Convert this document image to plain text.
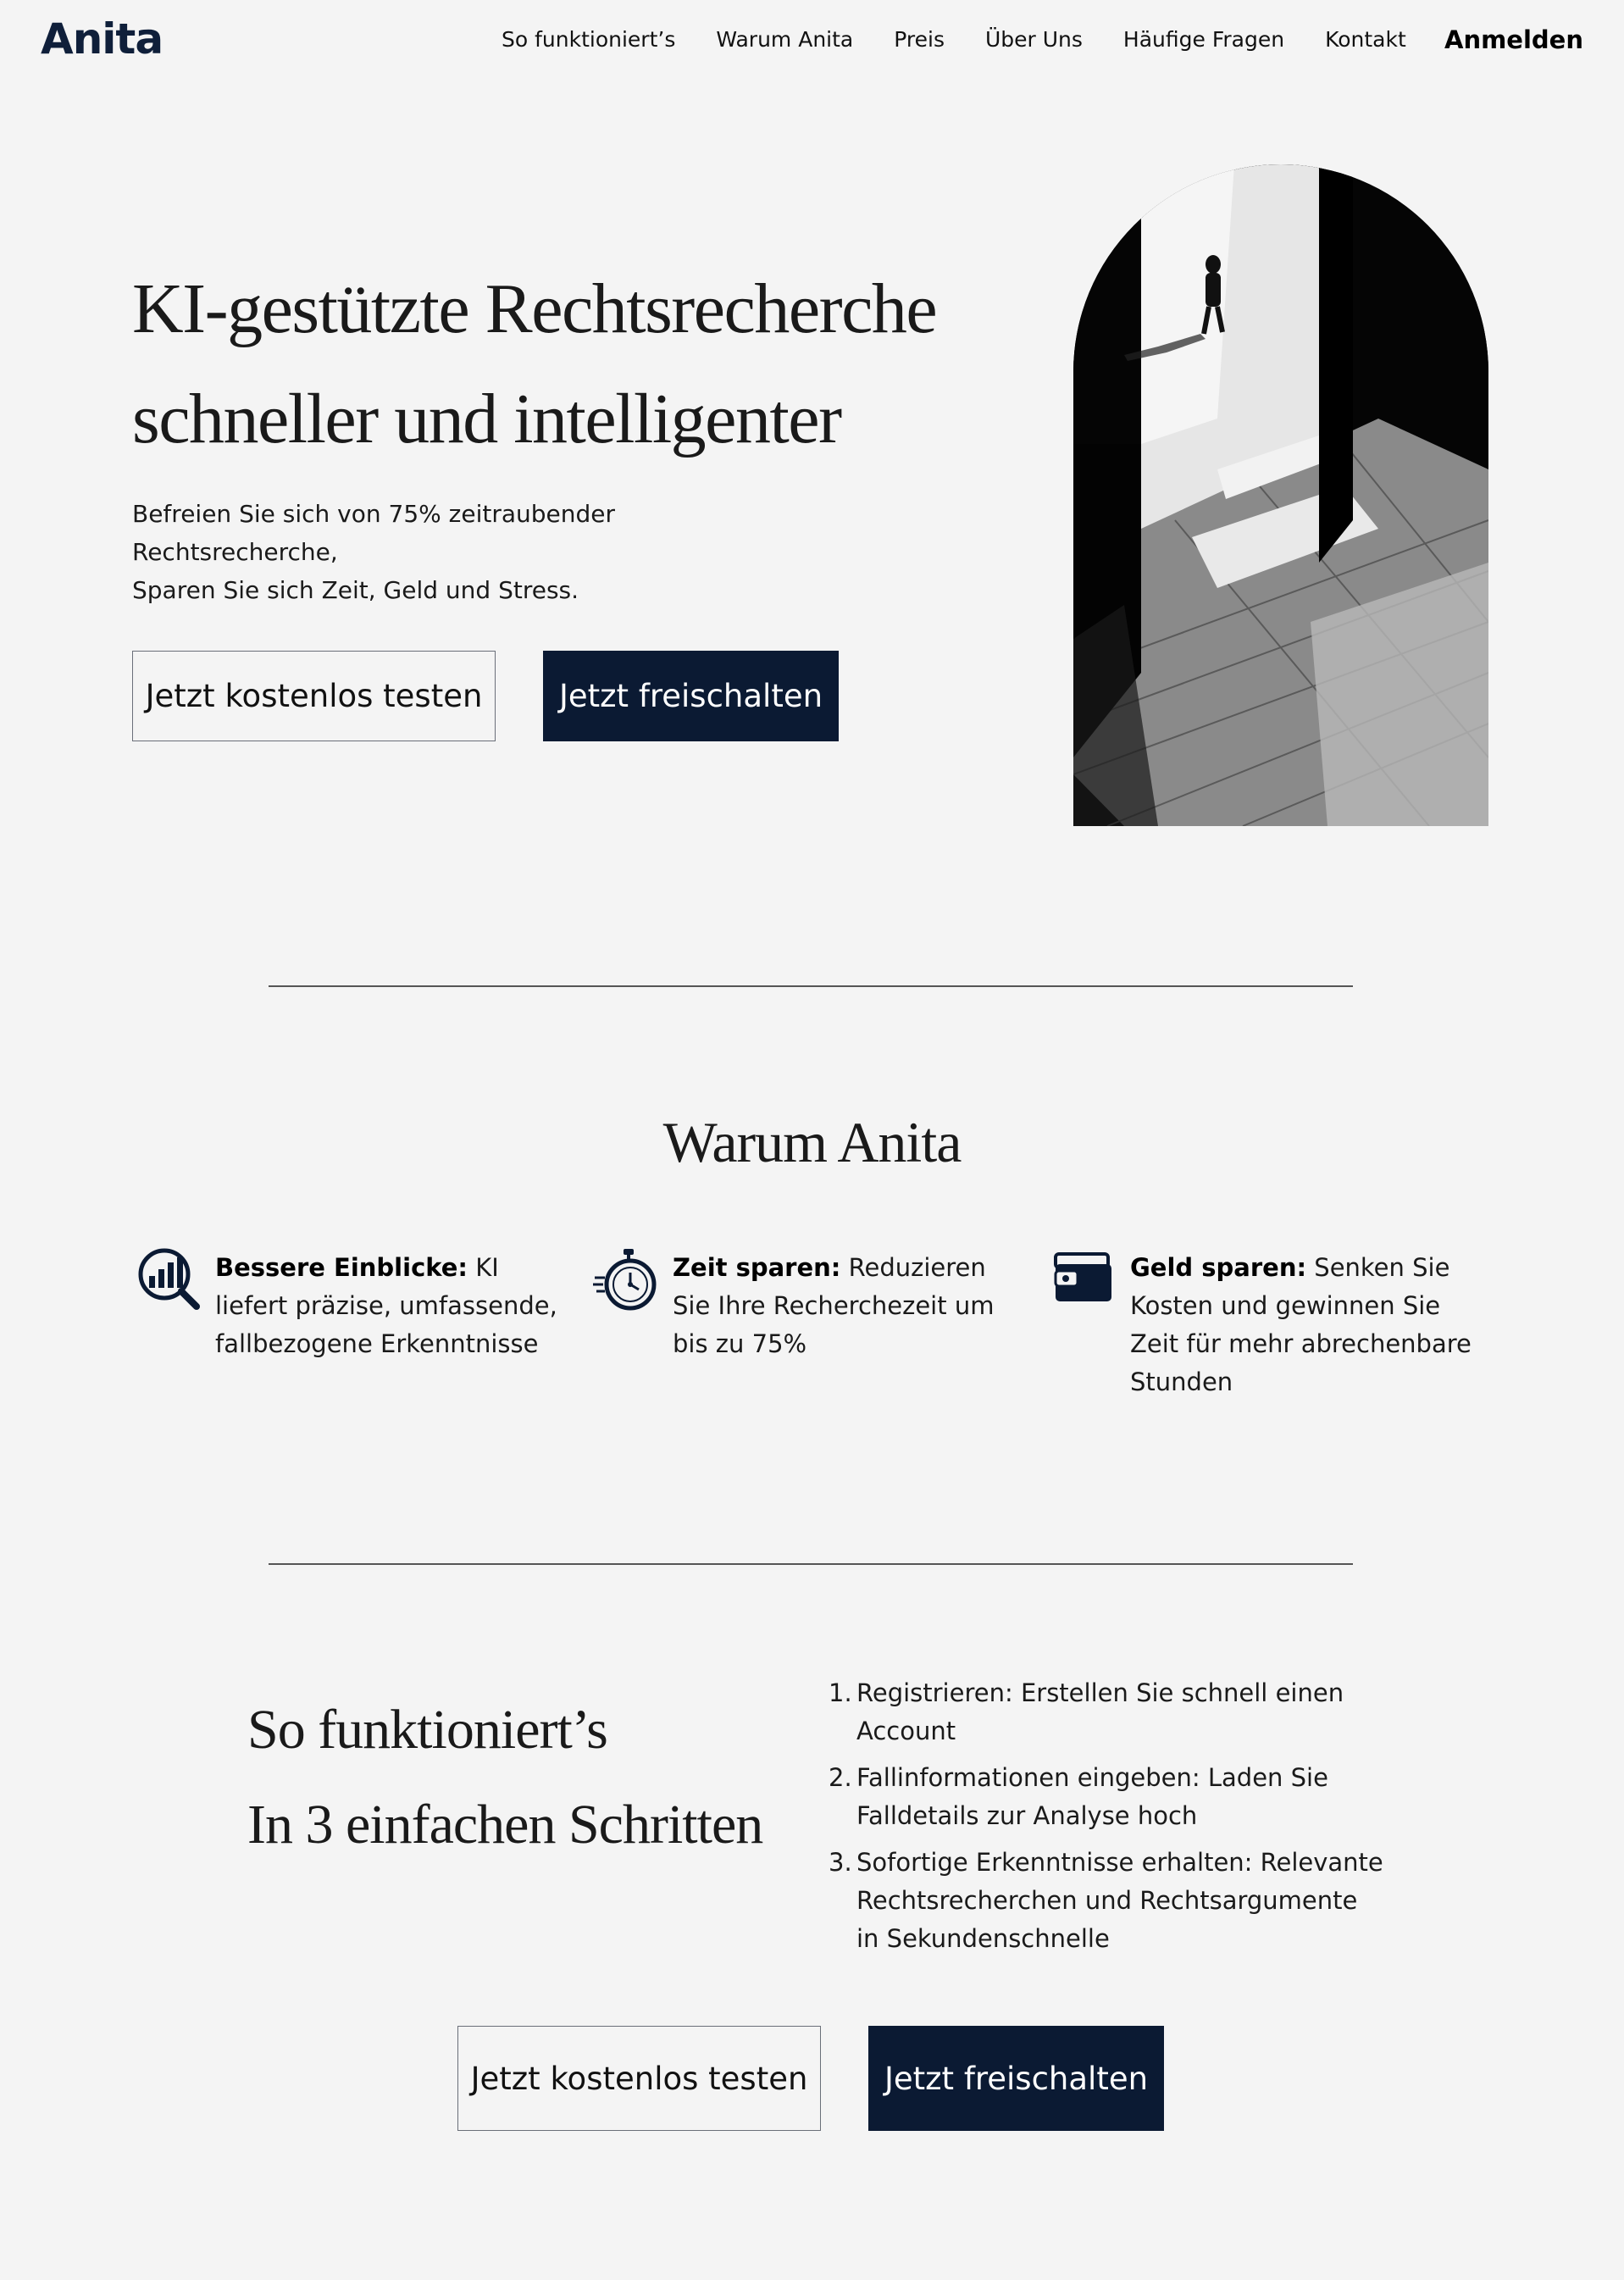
Anita	So funktioniert’s Warum Anita Preis Über Uns Häufige Fragen Kontakt Anmelden
KI-gestützte Rechtsrecherche
schneller und intelligenter

Befreien Sie sich von 75% zeitraubender Rechtsrecherche,
Sparen Sie sich Zeit, Geld und Stress.

Jetzt kostenlos testen	Jetzt freischalten
Warum Anita
Bessere Einblicke: KI liefert präzise, umfassende, fallbezogene Erkenntnisse
Zeit sparen: Reduzieren Sie Ihre Recherchezeit um bis zu 75%
Geld sparen: Senken Sie Kosten und gewinnen Sie Zeit für mehr abrechenbare Stunden
So funktioniert’s
In 3 einfachen Schritten
1. Registrieren: Erstellen Sie schnell einen Account
2. Fallinformationen eingeben: Laden Sie Falldetails zur Analyse hoch
3. Sofortige Erkenntnisse erhalten: Relevante Rechtsrecherchen und Rechtsargumente in Sekundenschnelle
Jetzt kostenlos testen	Jetzt freischalten
